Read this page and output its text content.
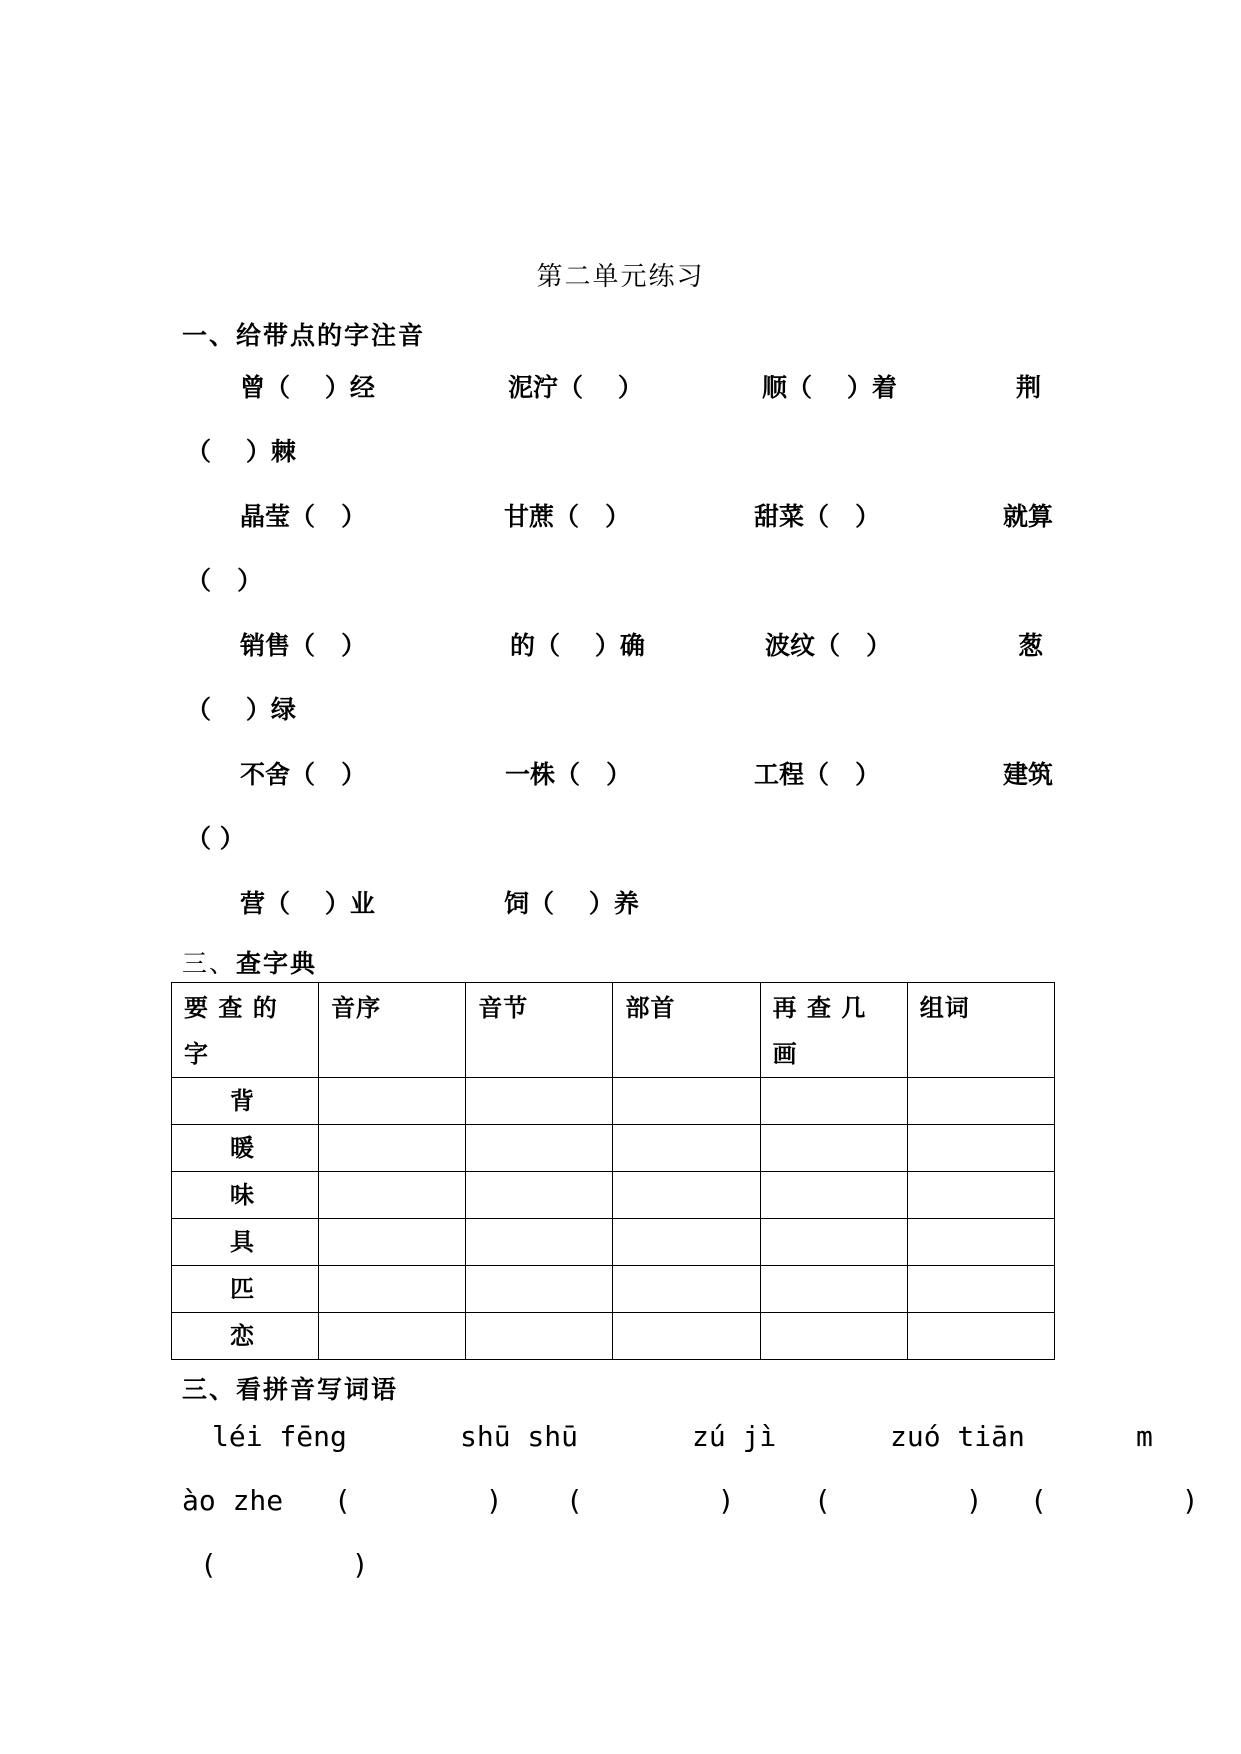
第二单元练习
一、给带点的字注音
曾（    ）经	泥泞（    ）	顺（    ）着	荆
（    ）棘
晶莹（   ）	甘蔗（   ）	甜菜（   ）	就算
（   ）
销售（   ）	的（    ）确	波纹（   ）	葱
（    ）绿
不舍（   ）	一株（   ）	工程（   ）	建筑
（ ）
营（    ）业	饲（    ）养
三、查字典
要 查 的 字	音序	音节	部首	再 查 几 画	组词
背					
暖					
味					
具					
匹					
恋					
三、看拼音写词语
léi fēng	shū shū	zú jì	zuó tiān	m
ào zhe (        ) (        )	(        ) (        )
(        )
